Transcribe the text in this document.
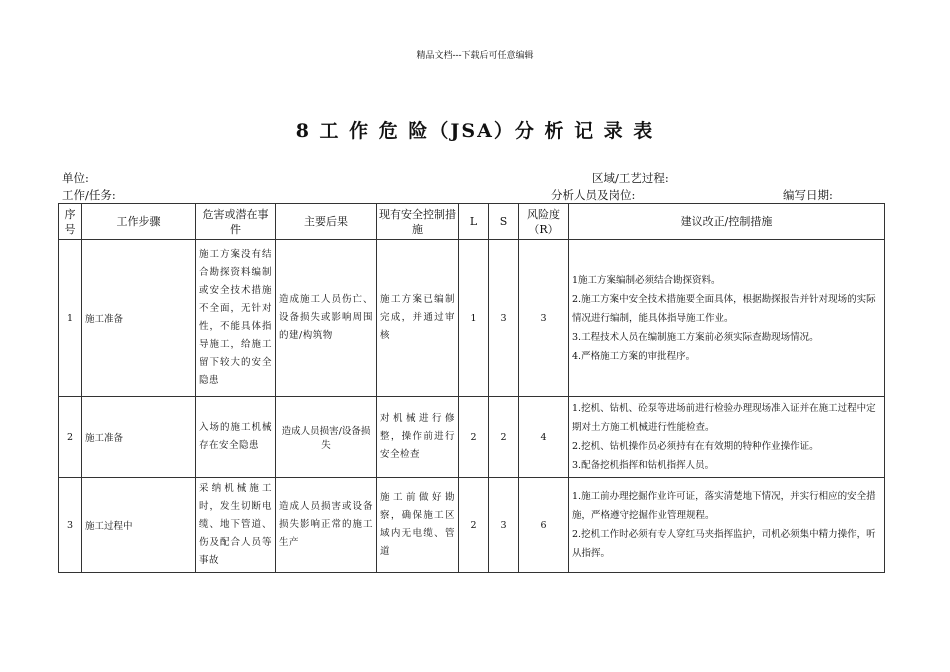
精品文档---下载后可任意编辑
8 工 作 危 险（JSA）分 析 记 录 表
单位:	区域/工艺过程:
工作/任务:	分析人员及岗位:	编写日期:
序号	工作步骤	危害或潜在事件	主要后果	现有安全控制措施	L	S	风险度（R）	建议改正/控制措施
1	施工准备	施工方案没有结合勘探资料编制或安全技术措施不全面，无针对性，不能具体指导施工，给施工留下较大的安全隐患	造成施工人员伤亡、设备损失或影响周围的建/构筑物	施工方案已编制完成，并通过审核	1	3	3	1施工方案编制必须结合勘探资料。
2.施工方案中安全技术措施要全面具体，根据勘探报告并针对现场的实际情况进行编制，能具体指导施工作业。
3.工程技术人员在编制施工方案前必须实际查勘现场情况。
4.严格施工方案的审批程序。

2	施工准备	入场的施工机械存在安全隐患	造成人员损害/设备损失	对机械进行修整，操作前进行安全检查	2	2	4	1.挖机、钻机、砼泵等进场前进行检验办理现场准入证并在施工过程中定期对土方施工机械进行性能检查。
2.挖机、钻机操作员必须持有在有效期的特种作业操作证。
3.配备挖机指挥和钻机指挥人员。

3	施工过程中	采纳机械施工时，发生切断电缆、地下管道、伤及配合人员等 事故	造成人员损害或设备损失影响正常的施工生产	施工前做好勘察，确保施工区域内无电缆、管道	2	3	6	1.施工前办理挖掘作业许可证，落实清楚地下情况，并实行相应的安全措施，严格遵守挖掘作业管理规程。
2.挖机工作时必须有专人穿红马夹指挥监护，司机必须集中精力操作，听从指挥。
